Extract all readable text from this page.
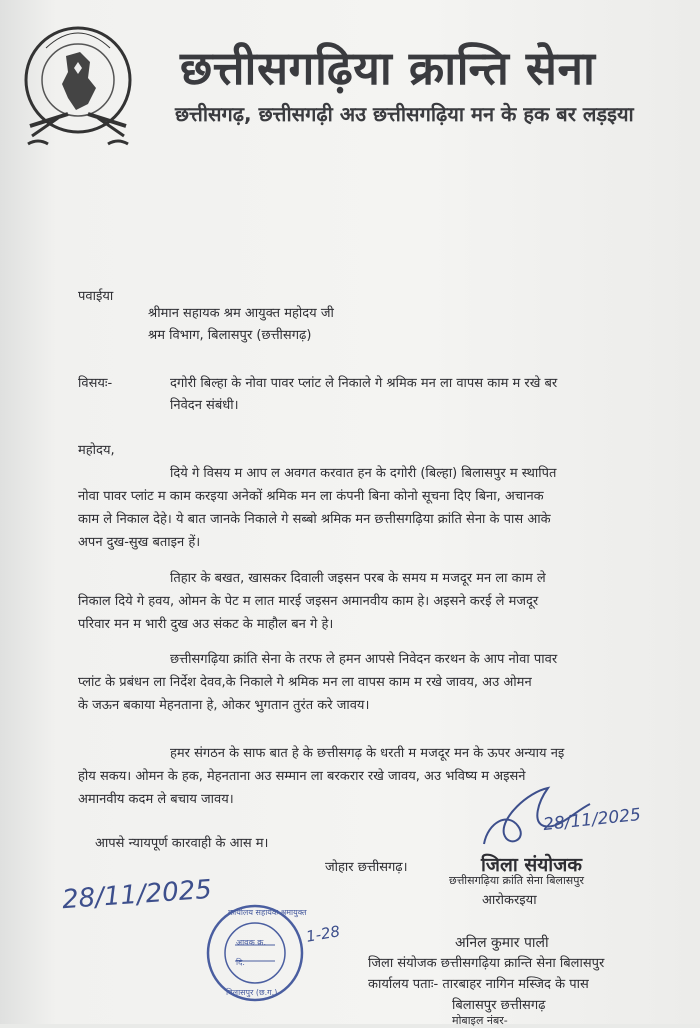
छत्तीसगढ़िया क्रान्ति सेना
छत्तीसगढ़, छत्तीसगढ़ी अउ छत्तीसगढ़िया मन के हक बर लड़इया
पवाईया
श्रीमान सहायक श्रम आयुक्त महोदय जी
श्रम विभाग, बिलासपुर (छत्तीसगढ़)
विसयः-	दगोरी बिल्हा के नोवा पावर प्लांट ले निकाले गे श्रमिक मन ला वापस काम म रखे बर
निवेदन संबंधी।
महोदय,
दिये गे विसय म आप ल अवगत करवात हन के दगोरी (बिल्हा) बिलासपुर म स्थापित
नोवा पावर प्लांट म काम करइया अनेकों श्रमिक मन ला कंपनी बिना कोनो सूचना दिए बिना, अचानक
काम ले निकाल देहे। ये बात जानके निकाले गे सब्बो श्रमिक मन छत्तीसगढ़िया क्रांति सेना के पास आके
अपन दुख-सुख बताइन हें।
तिहार के बखत, खासकर दिवाली जइसन परब के समय म मजदूर मन ला काम ले
निकाल दिये गे हवय, ओमन के पेट म लात मारई जइसन अमानवीय काम हे। अइसने करई ले मजदूर
परिवार मन म भारी दुख अउ संकट के माहौल बन गे हे।
छत्तीसगढ़िया क्रांति सेना के तरफ ले हमन आपसे निवेदन करथन के आप नोवा पावर
प्लांट के प्रबंधन ला निर्देश देवव,के निकाले गे श्रमिक मन ला वापस काम म रखे जावय, अउ ओमन
के जऊन बकाया मेहनताना हे, ओकर भुगतान तुरंत करे जावय।
हमर संगठन के साफ बात हे के छत्तीसगढ़ के धरती म मजदूर मन के ऊपर अन्याय नइ
होय सकय। ओमन के हक, मेहनताना अउ सम्मान ला बरकरार रखे जावय, अउ भविष्य म अइसने
अमानवीय कदम ले बचाय जावय।
आपसे न्यायपूर्ण कारवाही के आस म।
जोहार छत्तीसगढ़।
28/11/2025
जिला संयोजक
छत्तीसगढ़िया क्रांति सेना बिलासपुर
आरोकरइया
28/11/2025 कार्यालय सहायक श्रमायुक्त
आवक क्र.
दि.
बिलासपुर (छ.ग.)
1-28	अनिल कुमार पाली
जिला संयोजक छत्तीसगढ़िया क्रान्ति सेना बिलासपुर
कार्यालय पताः- तारबाहर नागिन मस्जिद के पास
बिलासपुर छत्तीसगढ़
मोबाइल नंबर-
